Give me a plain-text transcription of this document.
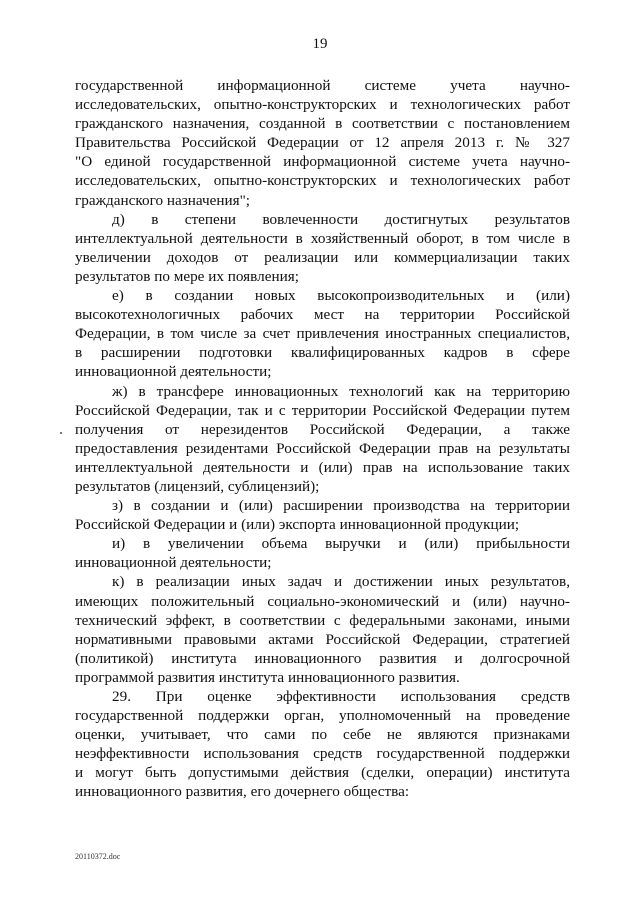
19
государственной информационной системе учета научно-
исследовательских, опытно-конструкторских и технологических работ
гражданского назначения, созданной в соответствии с постановлением
Правительства Российской Федерации от 12 апреля 2013 г. № 327
"О единой государственной информационной системе учета научно-
исследовательских, опытно-конструкторских и технологических работ
гражданского назначения";
д) в степени вовлеченности достигнутых результатов
интеллектуальной деятельности в хозяйственный оборот, в том числе в
увеличении доходов от реализации или коммерциализации таких
результатов по мере их появления;
е) в создании новых высокопроизводительных и (или)
высокотехнологичных рабочих мест на территории Российской
Федерации, в том числе за счет привлечения иностранных специалистов,
в расширении подготовки квалифицированных кадров в сфере
инновационной деятельности;
ж) в трансфере инновационных технологий как на территорию
Российской Федерации, так и с территории Российской Федерации путем
получения от нерезидентов Российской Федерации, а также
предоставления резидентами Российской Федерации прав на результаты
интеллектуальной деятельности и (или) прав на использование таких
результатов (лицензий, сублицензий);
з) в создании и (или) расширении производства на территории
Российской Федерации и (или) экспорта инновационной продукции;
и) в увеличении объема выручки и (или) прибыльности
инновационной деятельности;
к) в реализации иных задач и достижении иных результатов,
имеющих положительный социально-экономический и (или) научно-
технический эффект, в соответствии с федеральными законами, иными
нормативными правовыми актами Российской Федерации, стратегией
(политикой) института инновационного развития и долгосрочной
программой развития института инновационного развития.
29. При оценке эффективности использования средств
государственной поддержки орган, уполномоченный на проведение
оценки, учитывает, что сами по себе не являются признаками
неэффективности использования средств государственной поддержки
и могут быть допустимыми действия (сделки, операции) института
инновационного развития, его дочернего общества:
20110372.doc
